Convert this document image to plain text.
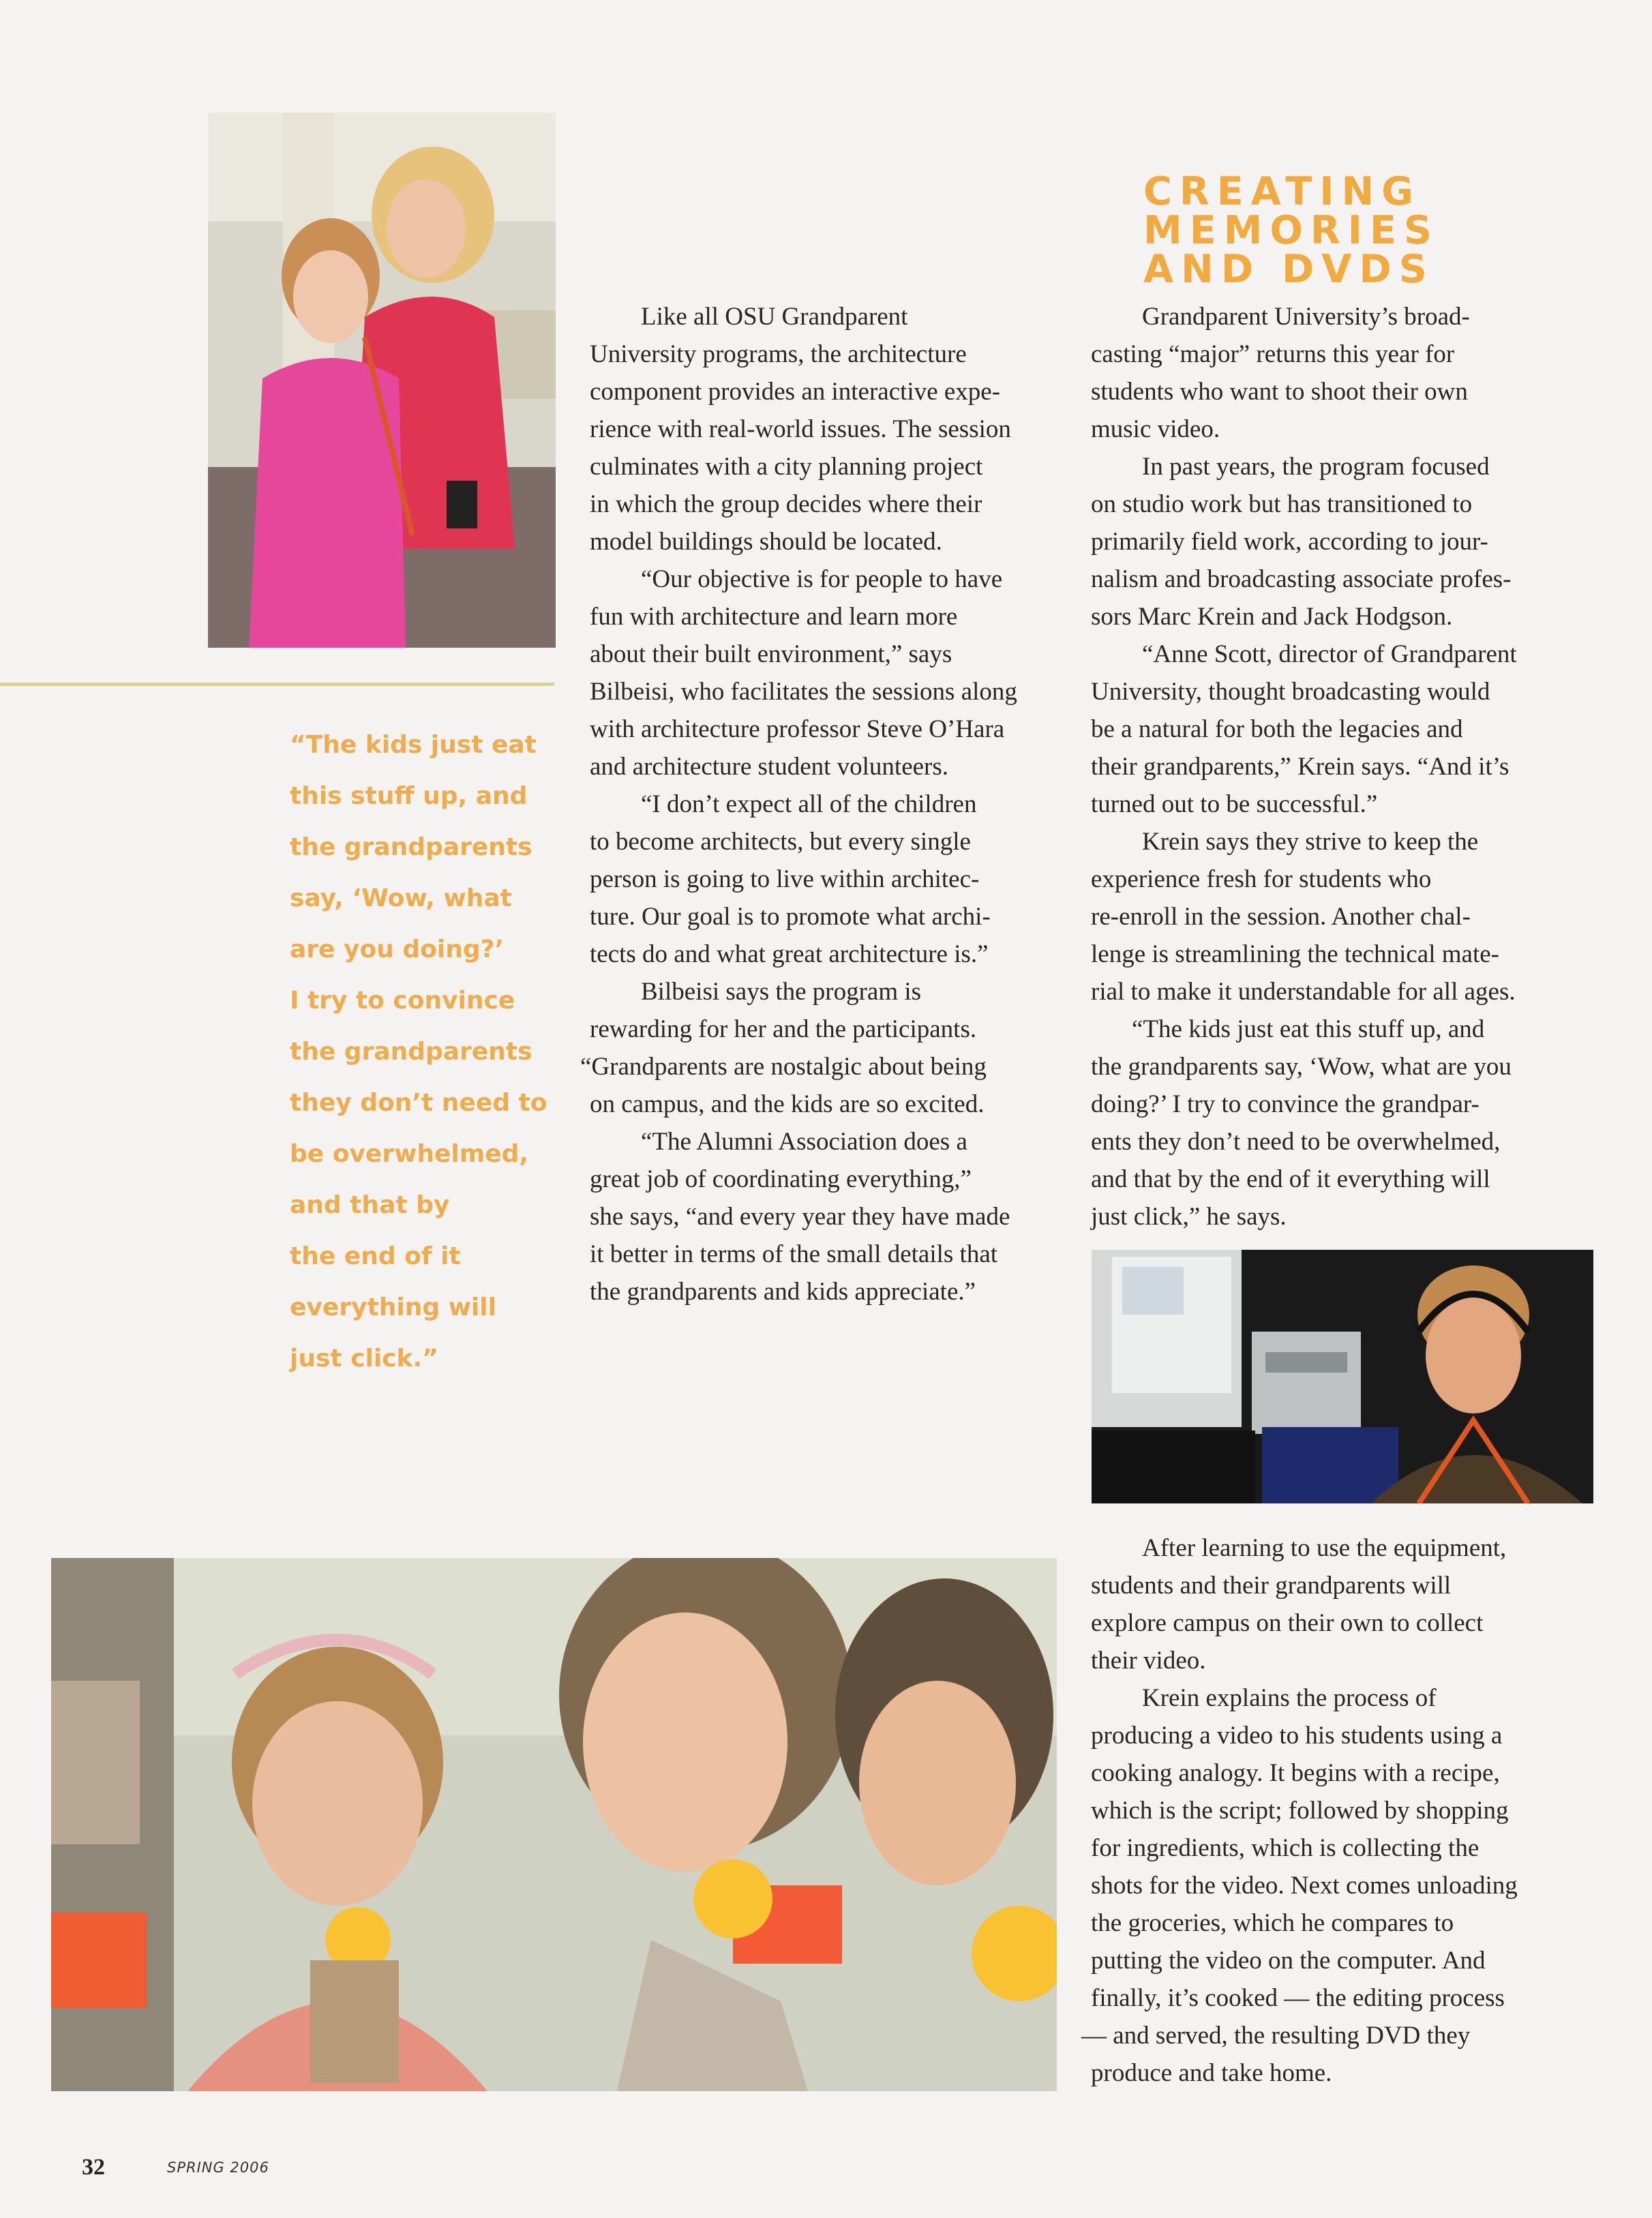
“The kids just eat
this stuff up, and
the grandparents
say, ‘Wow, what
are you doing?’
I try to convince
the grandparents
they don’t need to
be overwhelmed,
and that by
the end of it
everything will
just click.”

Like all OSU Grandparent

University programs, the architecture

component provides an interactive expe-

rience with real-world issues. The session

culminates with a city planning project

in which the group decides where their

model buildings should be located.

“Our objective is for people to have

fun with architecture and learn more

about their built environment,” says

Bilbeisi, who facilitates the sessions along

with architecture professor Steve O’Hara

and architecture student volunteers.

“I don’t expect all of the children

to become architects, but every single

person is going to live within architec-

ture. Our goal is to promote what archi-

tects do and what great architecture is.”

Bilbeisi says the program is

rewarding for her and the participants.

“Grandparents are nostalgic about being

on campus, and the kids are so excited.

“The Alumni Association does a

great job of coordinating everything,”

she says, “and every year they have made

it better in terms of the small details that

the grandparents and kids appreciate.”

CREATING
MEMORIES
AND DVDS

Grandparent University’s broad-

casting “major” returns this year for

students who want to shoot their own

music video.

In past years, the program focused

on studio work but has transitioned to

primarily field work, according to jour-

nalism and broadcasting associate profes-

sors Marc Krein and Jack Hodgson.

“Anne Scott, director of Grandparent

University, thought broadcasting would

be a natural for both the legacies and

their grandparents,” Krein says. “And it’s

turned out to be successful.”

Krein says they strive to keep the

experience fresh for students who

re-enroll in the session. Another chal-

lenge is streamlining the technical mate-

rial to make it understandable for all ages.

“The kids just eat this stuff up, and

the grandparents say, ‘Wow, what are you

doing?’ I try to convince the grandpar-

ents they don’t need to be overwhelmed,

and that by the end of it everything will

just click,” he says.

After learning to use the equipment,

students and their grandparents will

explore campus on their own to collect

their video.

Krein explains the process of

producing a video to his students using a

cooking analogy. It begins with a recipe,

which is the script; followed by shopping

for ingredients, which is collecting the

shots for the video. Next comes unloading

the groceries, which he compares to

putting the video on the computer. And

finally, it’s cooked — the editing process

— and served, the resulting DVD they

produce and take home.

32	SPRING 2006
